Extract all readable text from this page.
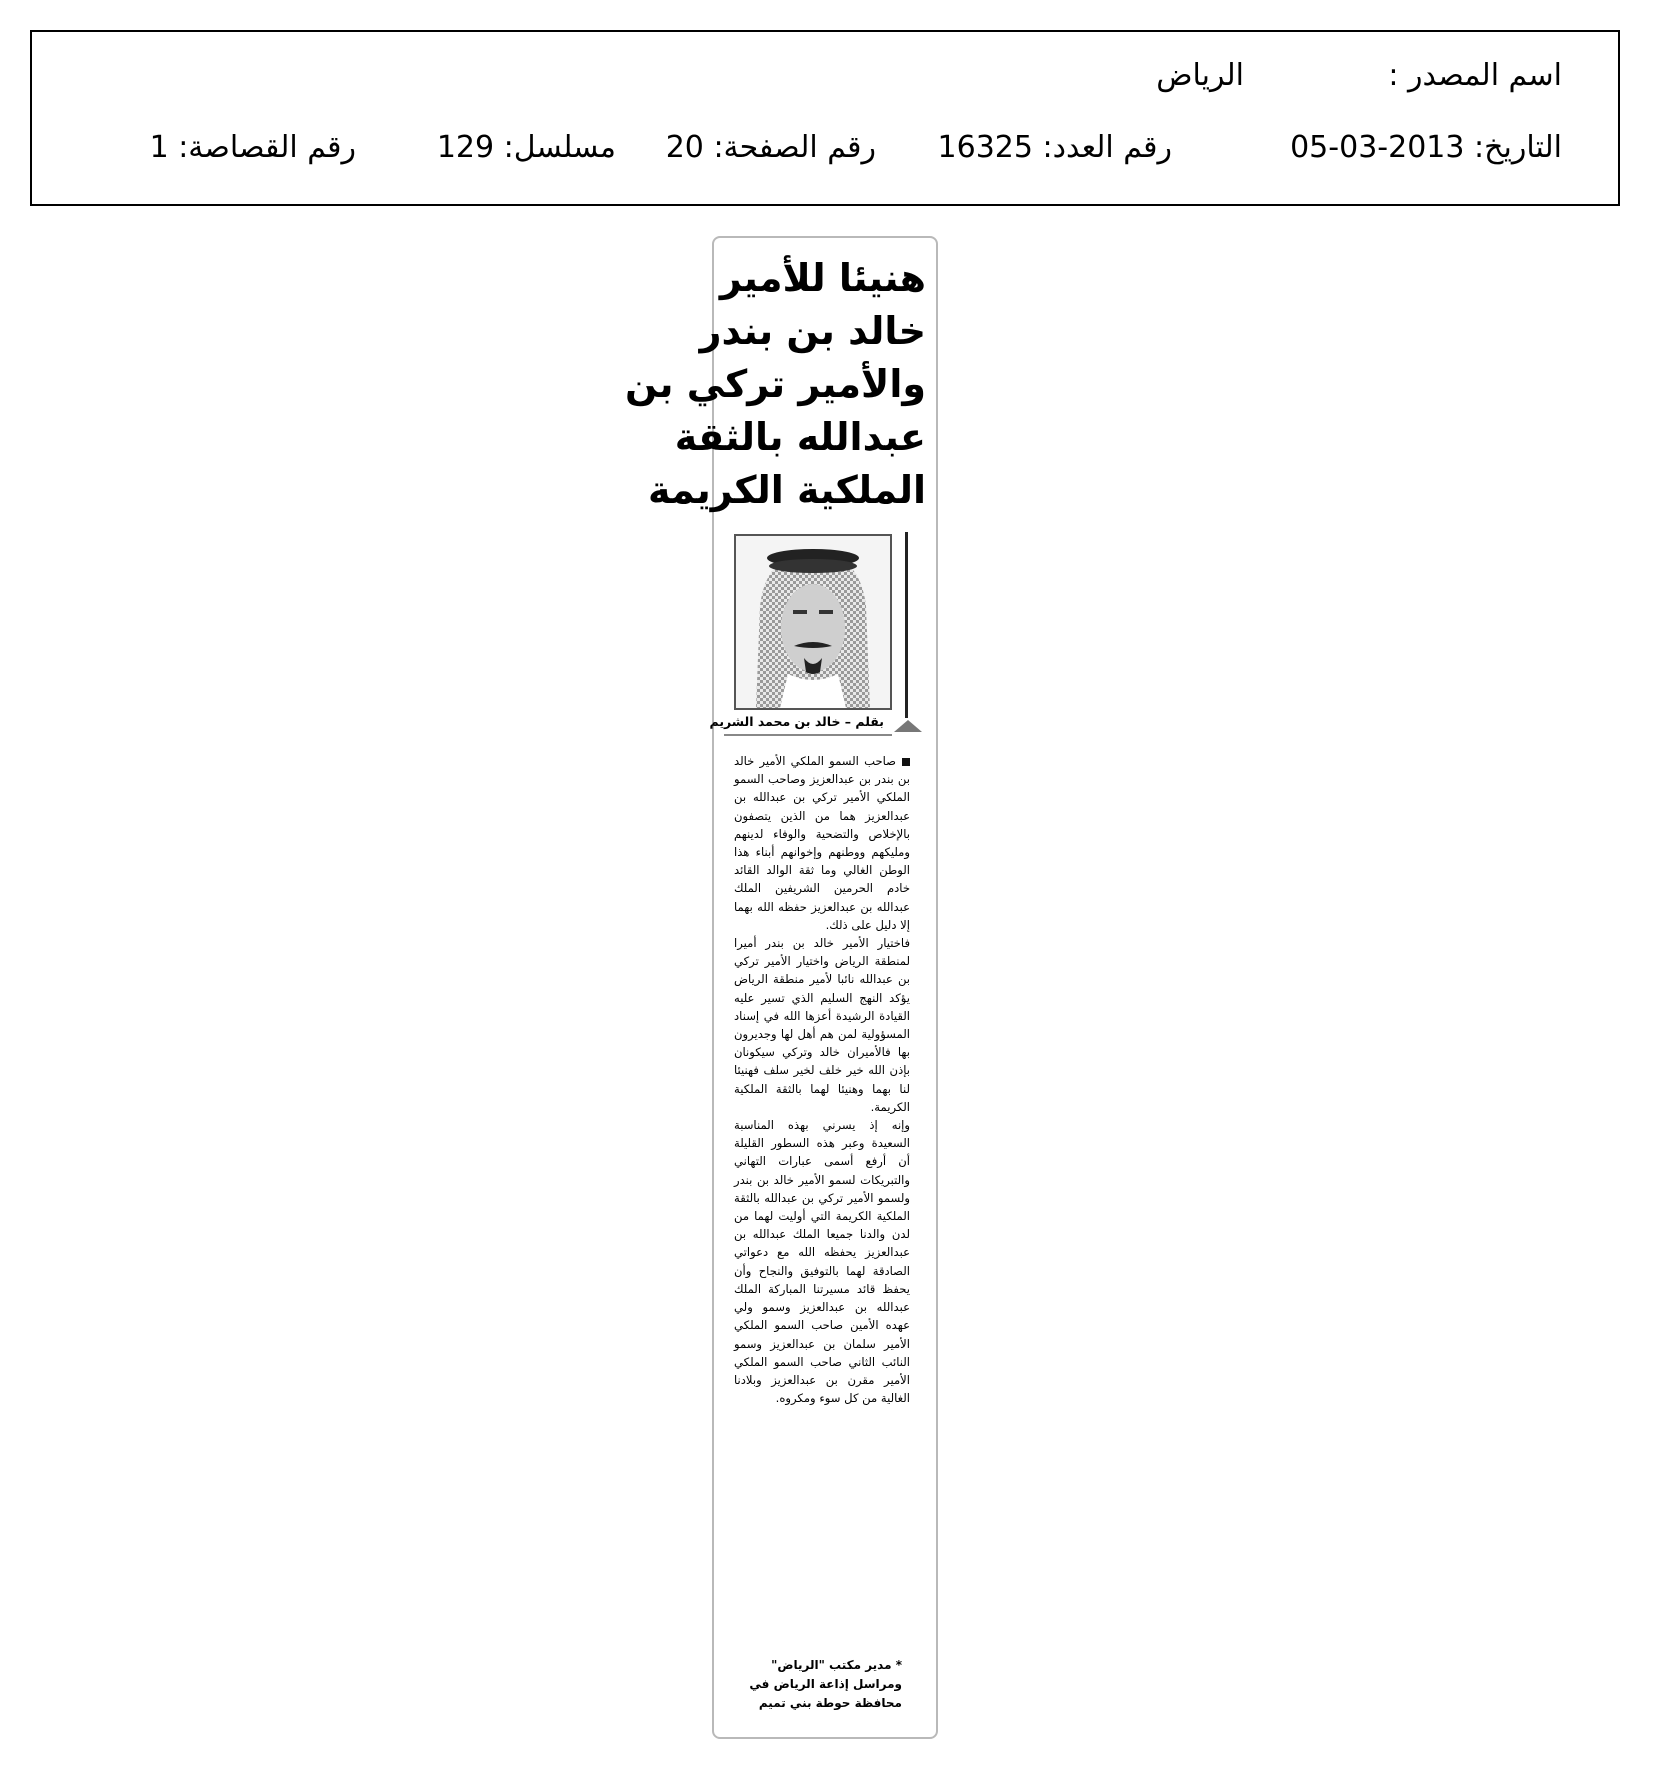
اسم المصدر :
الرياض
التاريخ: 2013-03-05
رقم العدد: 16325
رقم الصفحة: 20
مسلسل: 129
رقم القصاصة: 1
هنيئا للأمير
خالد بن بندر
والأمير تركي بن
عبدالله بالثقة
الملكية الكريمة
بقلم – خالد بن محمد الشريم

صاحب السمو الملكي الأمير خالد بن بندر بن عبدالعزيز وصاحب السمو الملكي الأمير تركي بن عبدالله بن عبدالعزيز هما من الذين يتصفون بالإخلاص والتضحية والوفاء لدينهم ومليكهم ووطنهم وإخوانهم أبناء هذا الوطن الغالي وما ثقة الوالد القائد خادم الحرمين الشريفين الملك عبدالله بن عبدالعزيز حفظه الله بهما إلا دليل على ذلك.

فاختيار الأمير خالد بن بندر أميرا لمنطقة الرياض واختيار الأمير تركي بن عبدالله نائبا لأمير منطقة الرياض يؤكد النهج السليم الذي تسير عليه القيادة الرشيدة أعزها الله في إسناد المسؤولية لمن هم أهل لها وجديرون بها فالأميران خالد وتركي سيكونان بإذن الله خير خلف لخير سلف فهنيئا لنا بهما وهنيئا لهما بالثقة الملكية الكريمة.

وإنه إذ يسرني بهذه المناسبة السعيدة وعبر هذه السطور القليلة أن أرفع أسمى عبارات التهاني والتبريكات لسمو الأمير خالد بن بندر ولسمو الأمير تركي بن عبدالله بالثقة الملكية الكريمة التي أوليت لهما من لدن والدنا جميعا الملك عبدالله بن عبدالعزيز يحفظه الله مع دعواتي الصادقة لهما بالتوفيق والنجاح وأن يحفظ قائد مسيرتنا المباركة الملك عبدالله بن عبدالعزيز وسمو ولي عهده الأمين صاحب السمو الملكي الأمير سلمان بن عبدالعزيز وسمو النائب الثاني صاحب السمو الملكي الأمير مقرن بن عبدالعزيز وبلادنا الغالية من كل سوء ومكروه.

* مدير مكتب "الرياض" ومراسل إذاعة الرياض في محافظة حوطة بني تميم
